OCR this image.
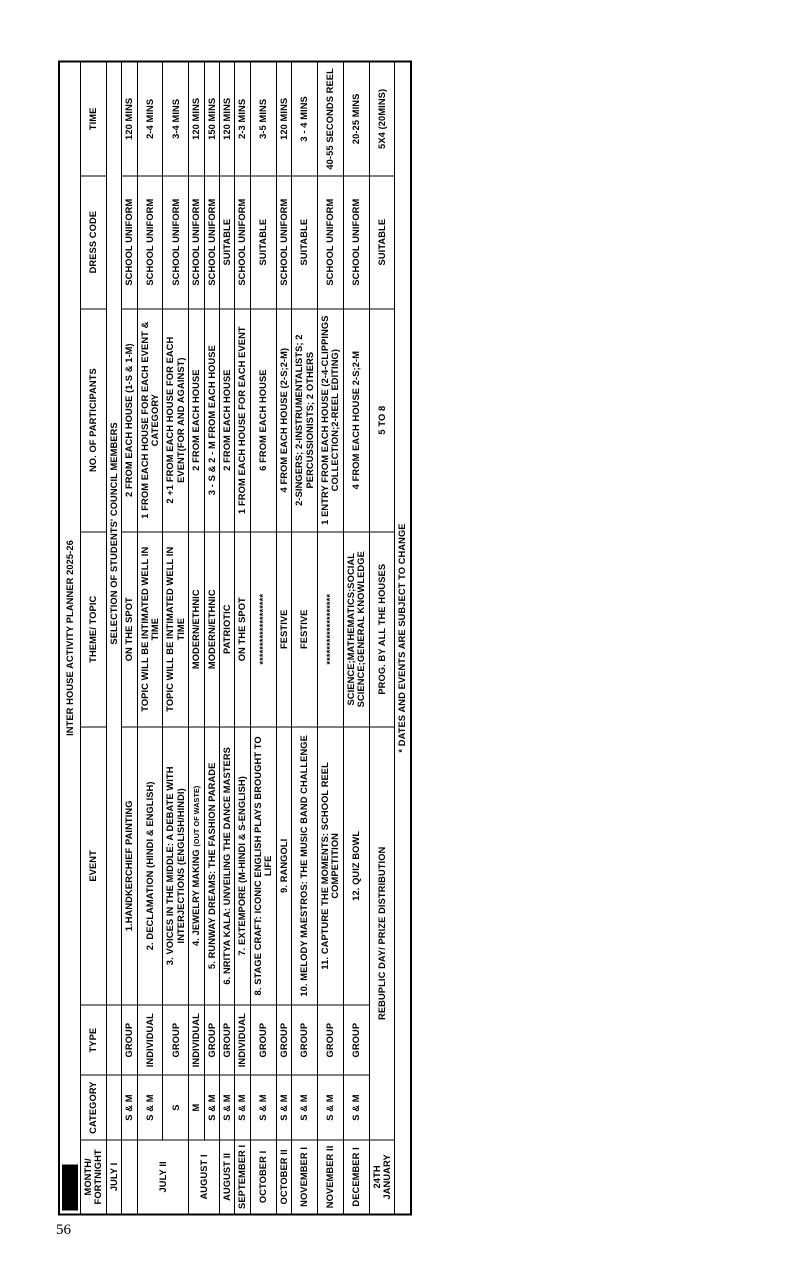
INTER HOUSE ACTIVITY PLANNER 2025-26							

MONTH/ FORTNIGHT	CATEGORY	TYPE	EVENT	THEME/ TOPIC	NO. OF PARTICIPANTS	DRESS CODE	TIME
JULY I			SELECTION OF STUDENTS' COUNCIL MEMBERS				
	S & M	GROUP	1.HANDKERCHIEF PAINTING	ON THE SPOT	2 FROM EACH HOUSE (1-S & 1-M)	SCHOOL UNIFORM	120 MINS
JULY II	S & M	INDIVIDUAL	2. DECLAMATION (HINDI & ENGLISH)	TOPIC WILL BE INTIMATED WELL IN TIME	1 FROM EACH HOUSE FOR EACH EVENT & CATEGORY	SCHOOL UNIFORM	2-4 MINS
	S	GROUP	3. VOICES IN THE MIDDLE: A DEBATE WITH INTERJECTIONS (ENGLISH/HINDI)	TOPIC WILL BE INTIMATED WELL IN TIME	2 +1 FROM EACH HOUSE FOR EACH EVENT(FOR AND AGAINST)	SCHOOL UNIFORM	3-4 MINS
AUGUST I	M	INDIVIDUAL	4. JEWELRY MAKING (OUT OF WASTE)	MODERN/ETHNIC	2 FROM EACH HOUSE	SCHOOL UNIFORM	120 MINS
	S & M	GROUP	5. RUNWAY DREAMS: THE FASHION PARADE	MODERN/ETHNIC	3 - S & 2 - M FROM EACH HOUSE	SCHOOL UNIFORM	150 MINS
AUGUST II	S & M	GROUP	6. NRITYA KALA: UNVEILING THE DANCE MASTERS	PATRIOTIC	2 FROM EACH HOUSE	SUITABLE	120 MINS
SEPTEMBER I	S & M	INDIVIDUAL	7. EXTEMPORE (M-HINDI & S-ENGLISH)	ON THE SPOT	1 FROM EACH HOUSE FOR EACH EVENT	SCHOOL UNIFORM	2-3 MINS
OCTOBER I	S & M	GROUP	8. STAGE CRAFT: ICONIC ENGLISH PLAYS BROUGHT TO LIFE	*******************	6 FROM EACH HOUSE	SUITABLE	3-5 MINS
OCTOBER II	S & M	GROUP	9. RANGOLI	FESTIVE	4 FROM EACH HOUSE (2-S;2-M)	SCHOOL UNIFORM	120 MINS
NOVEMBER I	S & M	GROUP	10. MELODY MAESTROS: THE MUSIC BAND CHALLENGE	FESTIVE	2-SINGERS; 2-INSTRUMENTALISTS; 2 PERCUSSIONISTS; 2 OTHERS	SUITABLE	3 - 4 MINS
NOVEMBER II	S & M	GROUP	11. CAPTURE THE MOMENTS: SCHOOL REEL COMPETITION	*******************	1 ENTRY FROM EACH HOUSE (2-4-CLIPPINGS COLLECTION;2-REEL EDITING)	SCHOOL UNIFORM	40-55 SECONDS REEL
DECEMBER I	S & M	GROUP	12. QUIZ BOWL	SCIENCE;MATHEMATICS;SOCIAL SCIENCE;GENERAL KNOWLEDGE	4 FROM EACH HOUSE 2-S;2-M	SCHOOL UNIFORM	20-25 MINS
24TH JANUARY	REBUPLIC DAY/ PRIZE DISTRIBUTION			PROG. BY ALL THE HOUSES	5 TO 8	SUITABLE	5X4 (20MINS)
* DATES AND EVENTS ARE SUBJECT TO CHANGE							
56
